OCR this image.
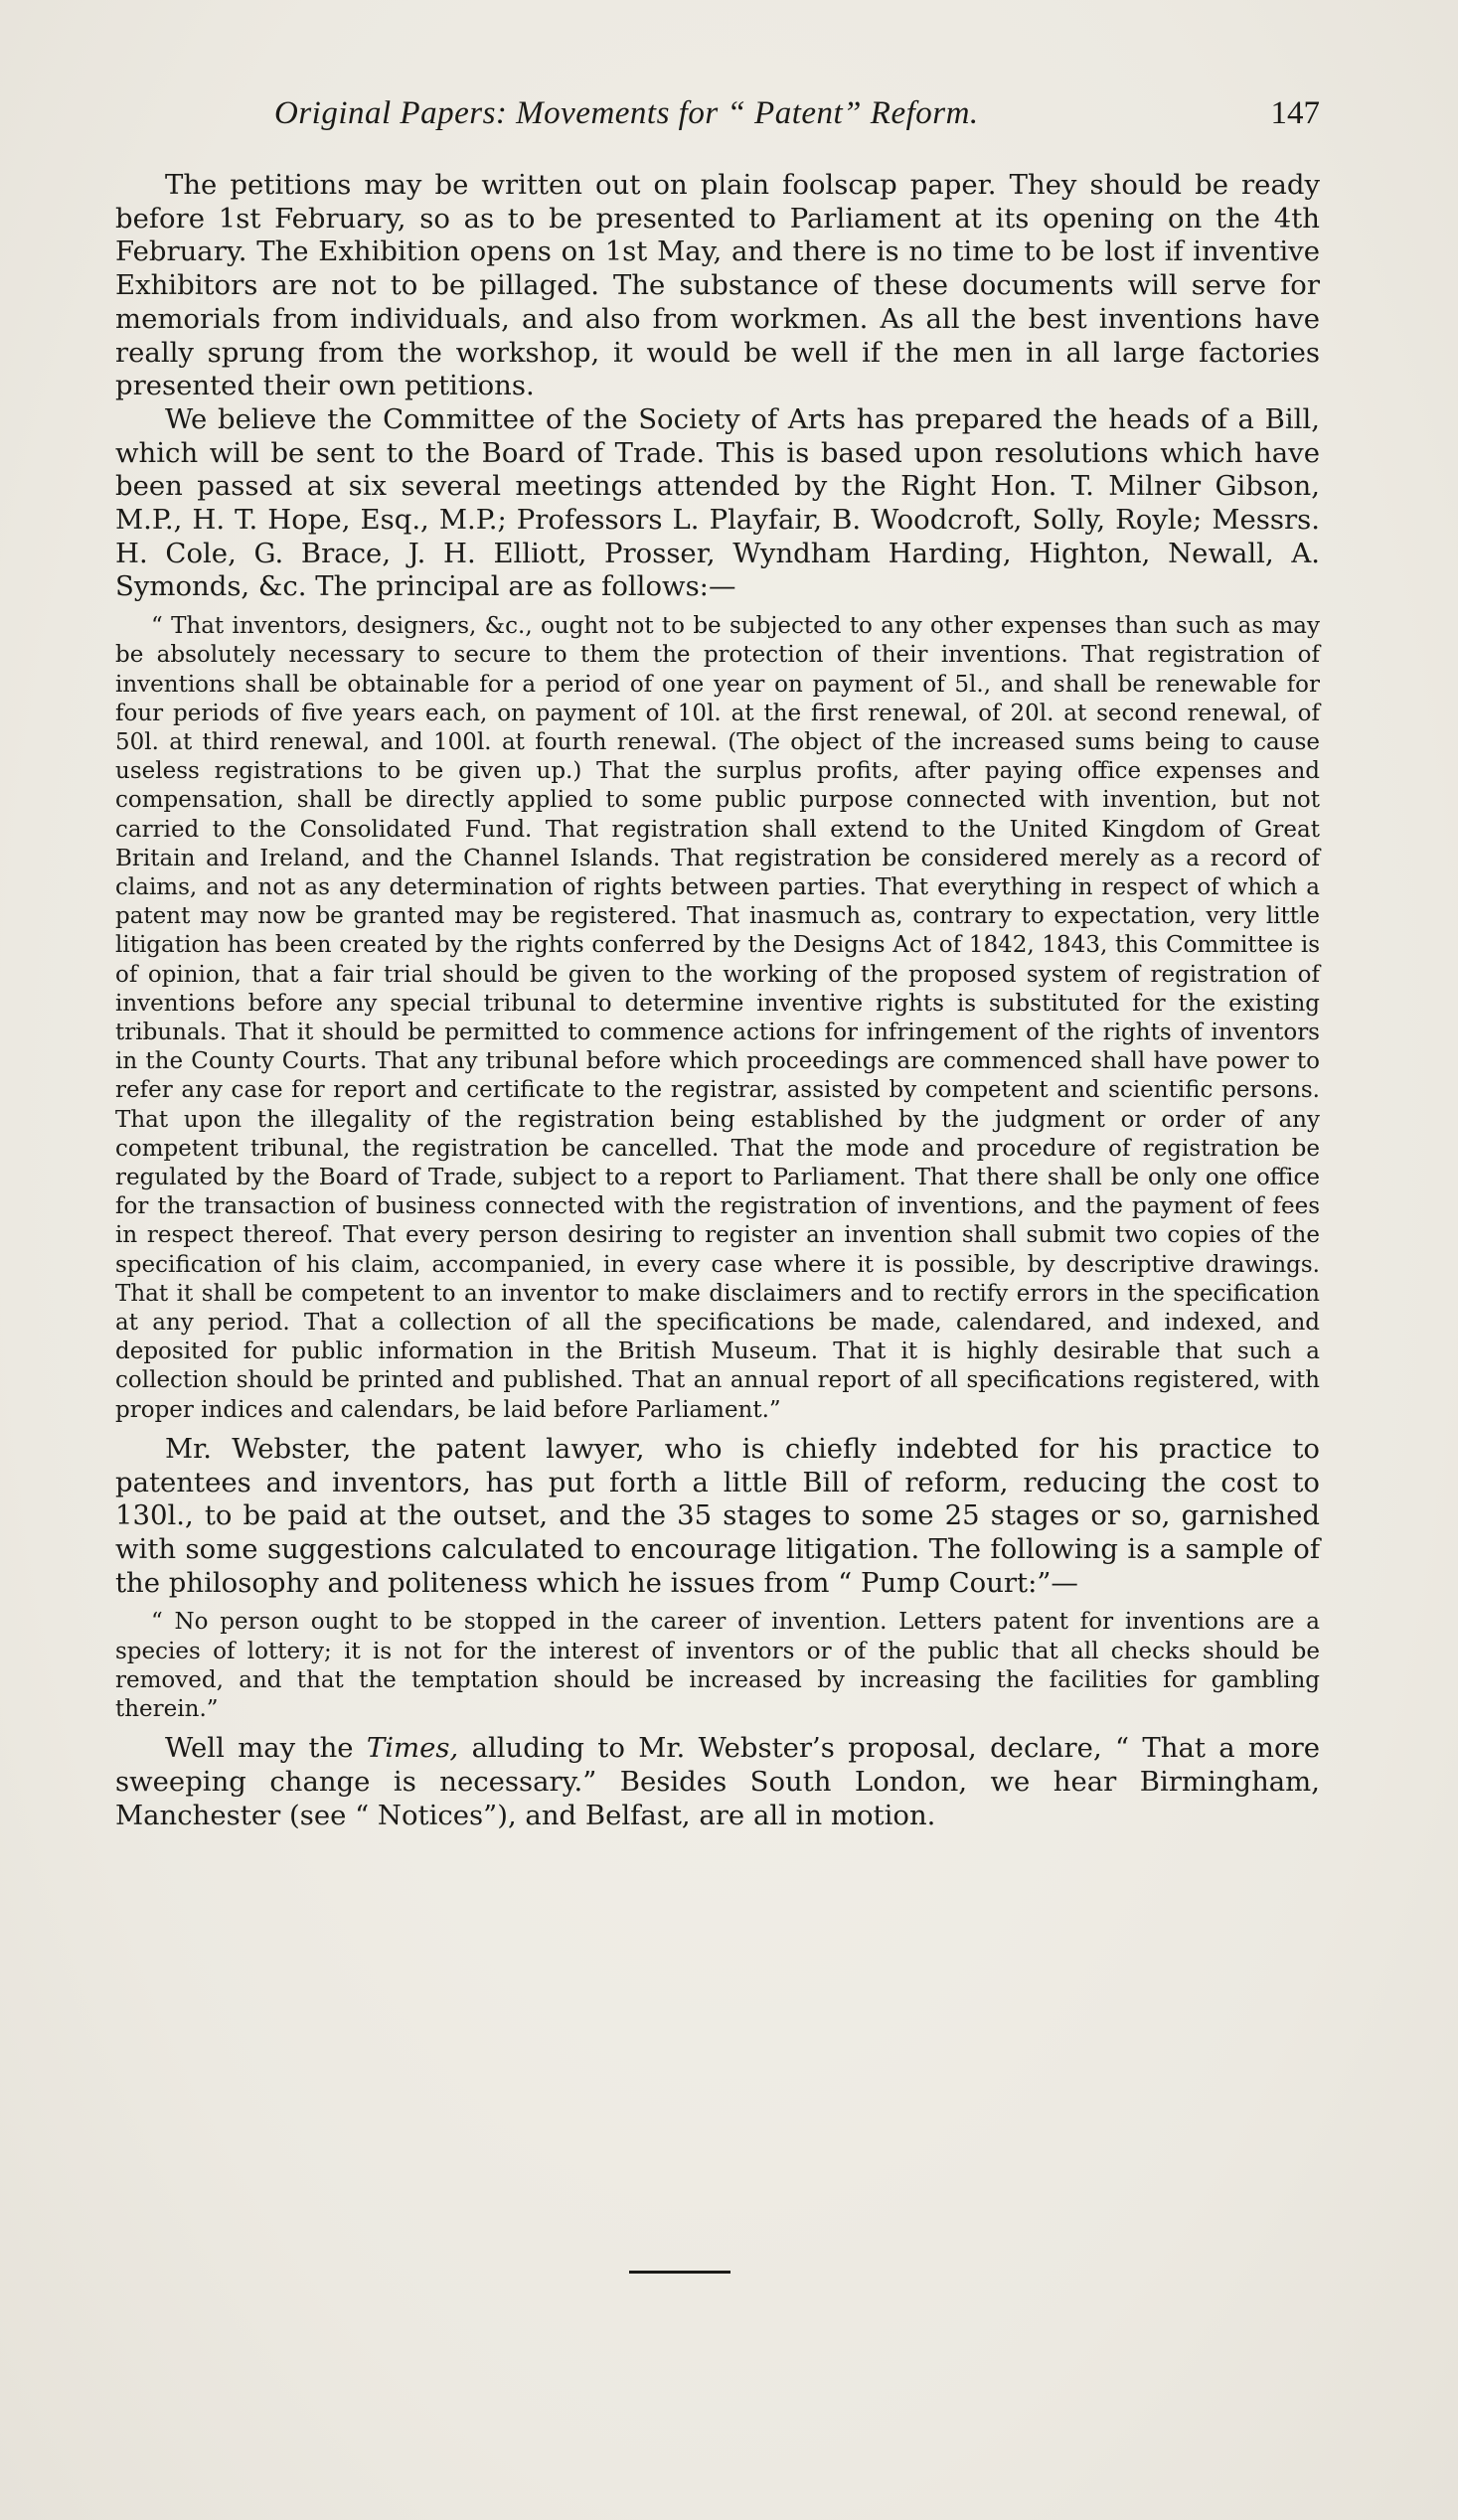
Original Papers: Movements for “ Patent” Reform.	147

The petitions may be written out on plain foolscap paper. They should be ready before 1st February, so as to be presented to Parliament at its opening on the 4th February. The Exhibition opens on 1st May, and there is no time to be lost if inventive Exhibitors are not to be pillaged. The substance of these documents will serve for memorials from individuals, and also from workmen. As all the best inventions have really sprung from the workshop, it would be well if the men in all large factories presented their own petitions.

We believe the Committee of the Society of Arts has prepared the heads of a Bill, which will be sent to the Board of Trade. This is based upon resolutions which have been passed at six several meetings attended by the Right Hon. T. Milner Gibson, M.P., H. T. Hope, Esq., M.P.; Professors L. Playfair, B. Woodcroft, Solly, Royle; Messrs. H. Cole, G. Brace, J. H. Elliott, Prosser, Wyndham Harding, Highton, Newall, A. Symonds, &c. The principal are as follows:—

“ That inventors, designers, &c., ought not to be subjected to any other expenses than such as may be absolutely necessary to secure to them the protection of their inventions. That registration of inventions shall be obtainable for a period of one year on payment of 5l., and shall be renewable for four periods of five years each, on payment of 10l. at the first renewal, of 20l. at second renewal, of 50l. at third renewal, and 100l. at fourth renewal. (The object of the increased sums being to cause useless registrations to be given up.) That the surplus profits, after paying office expenses and compensation, shall be directly applied to some public purpose connected with invention, but not carried to the Consolidated Fund. That registration shall extend to the United Kingdom of Great Britain and Ireland, and the Channel Islands. That registration be considered merely as a record of claims, and not as any determination of rights between parties. That everything in respect of which a patent may now be granted may be registered. That inasmuch as, contrary to expectation, very little litigation has been created by the rights conferred by the Designs Act of 1842, 1843, this Committee is of opinion, that a fair trial should be given to the working of the proposed system of registration of inventions before any special tribunal to determine inventive rights is substituted for the existing tribunals. That it should be permitted to commence actions for infringement of the rights of inventors in the County Courts. That any tribunal before which proceedings are commenced shall have power to refer any case for report and certificate to the registrar, assisted by competent and scientific persons. That upon the illegality of the registration being established by the judgment or order of any competent tribunal, the registration be cancelled. That the mode and procedure of registration be regulated by the Board of Trade, subject to a report to Parliament. That there shall be only one office for the transaction of business connected with the registration of inventions, and the payment of fees in respect thereof. That every person desiring to register an invention shall submit two copies of the specification of his claim, accompanied, in every case where it is possible, by descriptive drawings. That it shall be competent to an inventor to make disclaimers and to rectify errors in the specification at any period. That a collection of all the specifications be made, calendared, and indexed, and deposited for public information in the British Museum. That it is highly desirable that such a collection should be printed and published. That an annual report of all specifications registered, with proper indices and calendars, be laid before Parliament.”

Mr. Webster, the patent lawyer, who is chiefly indebted for his practice to patentees and inventors, has put forth a little Bill of reform, reducing the cost to 130l., to be paid at the outset, and the 35 stages to some 25 stages or so, garnished with some suggestions calculated to encourage litigation. The following is a sample of the philosophy and politeness which he issues from “ Pump Court:”—

“ No person ought to be stopped in the career of invention. Letters patent for inventions are a species of lottery; it is not for the interest of inventors or of the public that all checks should be removed, and that the temptation should be increased by increasing the facilities for gambling therein.”

Well may the Times, alluding to Mr. Webster’s proposal, declare, “ That a more sweeping change is necessary.” Besides South London, we hear Birmingham, Manchester (see “ Notices”), and Belfast, are all in motion.
